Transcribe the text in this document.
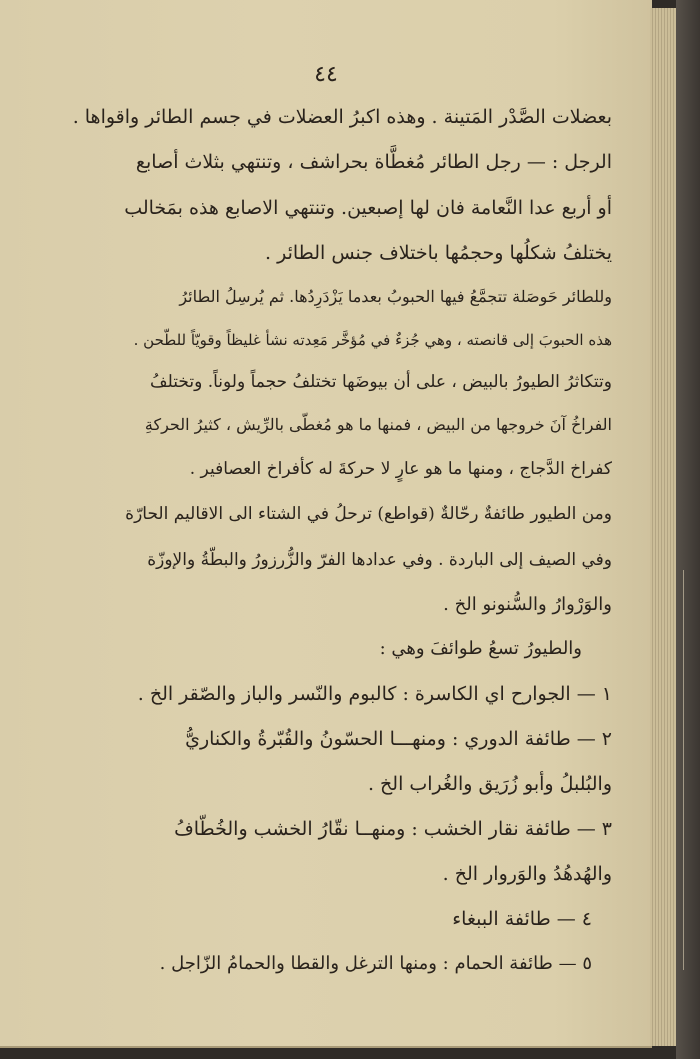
٤٤
بعضلات الصَّدْر المَتينة . وهذه اكبرُ العضلات في جسم الطائر واقواها .
الرجل : — رجل الطائر مُغطَّاة بحراشف ، وتنتهي بثلاث أصابع
أو أربع عدا النَّعامة فان لها إصبعين. وتنتهي الاصابع هذه بمَخالب
يختلفُ شكلُها وحجمُها باختلاف جنس الطائر .
وللطائر حَوصَلة تتجمَّعُ فيها الحبوبُ بعدما يَزْدَرِدُها. ثم يُرسِلُ الطائرُ
هذه الحبوبَ إلى قانصته ، وهي جُزءٌ في مُؤخَّر مَعِدته نشأ غليظاً وقويّاً للطّحن .
وتتكاثرُ الطيورُ بالبيض ، على أن بيوضَها تختلفُ حجماً ولوناً. وتختلفُ
الفراخُ آنَ خروجها من البيض ، فمنها ما هو مُغطّى بالرِّيش ، كثيرُ الحركةِ
كفراخ الدَّجاج ، ومنها ما هو عارٍ لا حركةَ له كأفراخ العصافير .
ومن الطيور طائفةٌ رحّالةٌ (قواطع) ترحلُ في الشتاء الى الاقاليم الحارّة
وفي الصيف إلى الباردة . وفي عدادها الفرّ والزُّرزورُ والبطّةُ والإوزّة
والوَرْوارُ والسُّنونو الخ .
والطيورُ تسعُ طوائفَ وهي :
١ — الجوارح اي الكاسرة : كالبوم والنّسر والباز والصّقر الخ .
٢ — طائفة الدوري : ومنهـــا الحسّونُ والقُبّرةُ والكناريُّ
والبُلبلُ وأبو زُرَيق والغُراب الخ .
٣ — طائفة نقار الخشب : ومنهــا نقّارُ الخشب والخُطّافُ
والهُدهُدُ والوَروار الخ .
٤ — طائفة الببغاء
٥ — طائفة الحمام : ومنها الترغل والقطا والحمامُ الزّاجل .
